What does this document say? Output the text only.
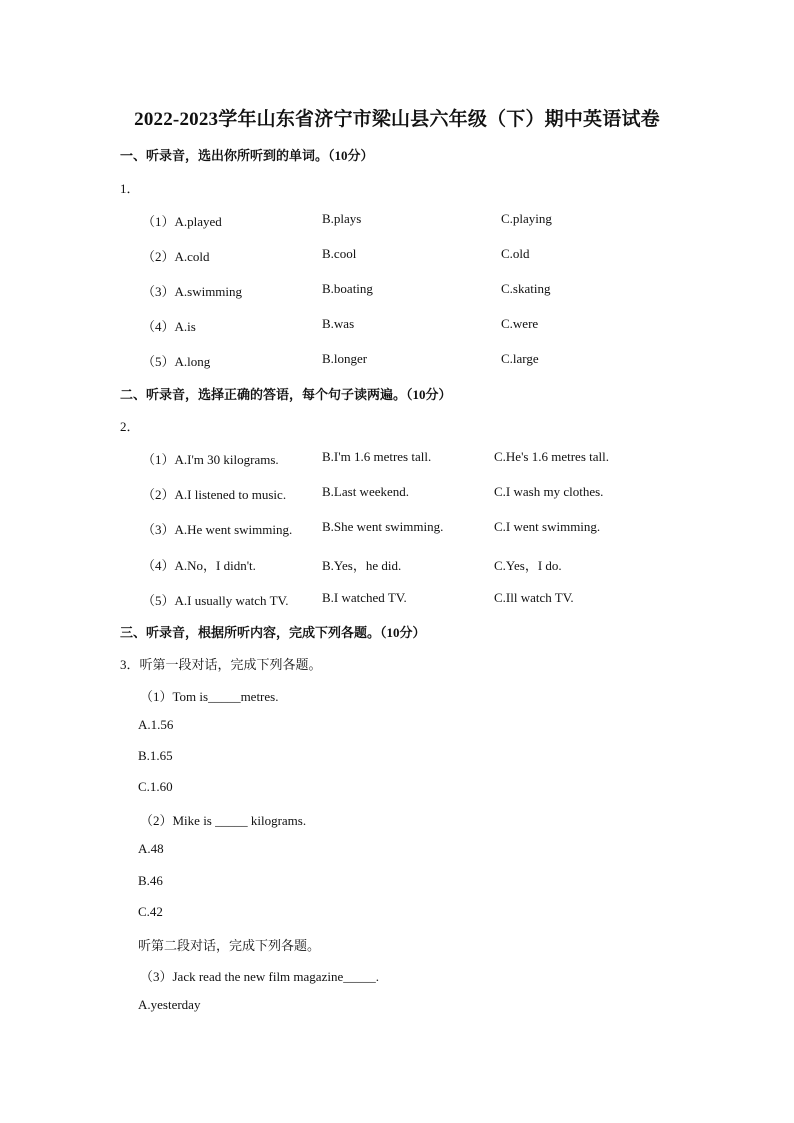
2022-2023学年山东省济宁市梁山县六年级（下）期中英语试卷
一、听录音，选出你所听到的单词。（10分）
1．
（1）A.played	B.plays	C.playing
（2）A.cold	B.cool	C.old
（3）A.swimming	B.boating	C.skating
（4）A.is	B.was	C.were
（5）A.long	B.longer	C.large
二、听录音，选择正确的答语，每个句子读两遍。（10分）
2．
（1）A.I'm 30 kilograms.	B.I'm 1.6 metres tall.	C.He's 1.6 metres tall.
（2）A.I listened to music.	B.Last weekend.	C.I wash my clothes.
（3）A.He went swimming. B.She went swimming.	C.I went swimming.
（4）A.No，I didn't.	B.Yes，he did.	C.Yes，I do.
（5）A.I usually watch TV.	B.I watched TV.	C.Ill watch TV.
三、听录音，根据所听内容，完成下列各题。（10分）
3．听第一段对话，完成下列各题。
（1）Tom is_____metres.
A.1.56
B.1.65
C.1.60
（2）Mike is _____ kilograms.
A.48
B.46
C.42
听第二段对话，完成下列各题。
（3）Jack read the new film magazine_____.
A.yesterday
